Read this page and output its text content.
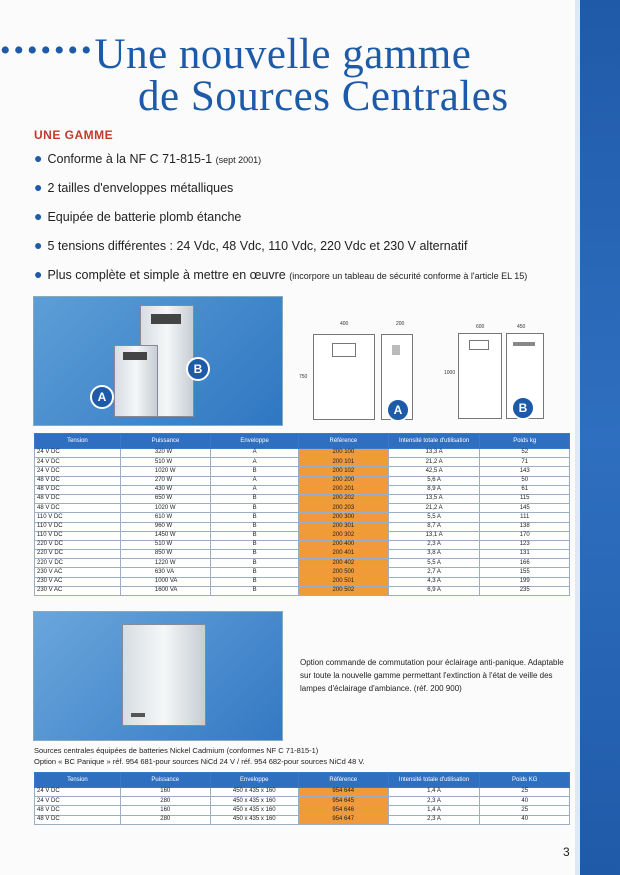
•••••••Une nouvelle gamme
de Sources Centrales
UNE GAMME
● Conforme à la NF C 71-815-1 (sept 2001)
● 2 tailles d'enveloppes métalliques
● Equipée de batterie plomb étanche
● 5 tensions différentes : 24 Vdc, 48 Vdc, 110 Vdc, 220 Vdc et 230 V alternatif
● Plus complète et simple à mettre en œuvre (incorpore un tableau de sécurité conforme à l'article EL 15)
A
B
400	200
750
A
600	450
1000
B
Tension	Puissance	Enveloppe	Référence	Intensité totale d'utilisation	Poids kg
24 V DC	320 W	A	200 100	13,3 A	52
24 V DC	510 W	A	200 101	21,2 A	71
24 V DC	1020 W	B	200 102	42,5 A	143
48 V DC	270 W	A	200 200	5,6 A	50
48 V DC	430 W	A	200 201	8,9 A	61
48 V DC	650 W	B	200 202	13,5 A	115
48 V DC	1020 W	B	200 203	21,2 A	145
110 V DC	610 W	B	200 300	5,5 A	111
110 V DC	960 W	B	200 301	8,7 A	138
110 V DC	1450 W	B	200 302	13,1 A	170
220 V DC	510 W	B	200 400	2,3 A	123
220 V DC	850 W	B	200 401	3,8 A	131
220 V DC	1220 W	B	200 402	5,5 A	166
230 V AC	630 VA	B	200 500	2,7 A	155
230 V AC	1000 VA	B	200 501	4,3 A	199
230 V AC	1600 VA	B	200 502	6,9 A	235
Option commande de commutation pour éclairage anti-panique. Adaptable sur toute la nouvelle gamme permettant l'extinction à l'état de veille des lampes d'éclairage d'ambiance. (réf. 200 900)
Sources centrales équipées de batteries Nickel Cadmium (conformes NF C 71-815-1)
Option « BC Panique » réf. 954 681-pour sources NiCd 24 V / réf. 954 682-pour sources NiCd 48 V.
Tension	Puissance	Enveloppe	Référence	Intensité totale d'utilisation	Poids KG
24 V DC	160	450 x 435 x 160	954 644	1,4 A	25
24 V DC	280	450 x 435 x 160	954 645	2,3 A	40
48 V DC	160	450 x 435 x 160	954 646	1,4 A	25
48 V DC	280	450 x 435 x 160	954 647	2,3 A	40
3
